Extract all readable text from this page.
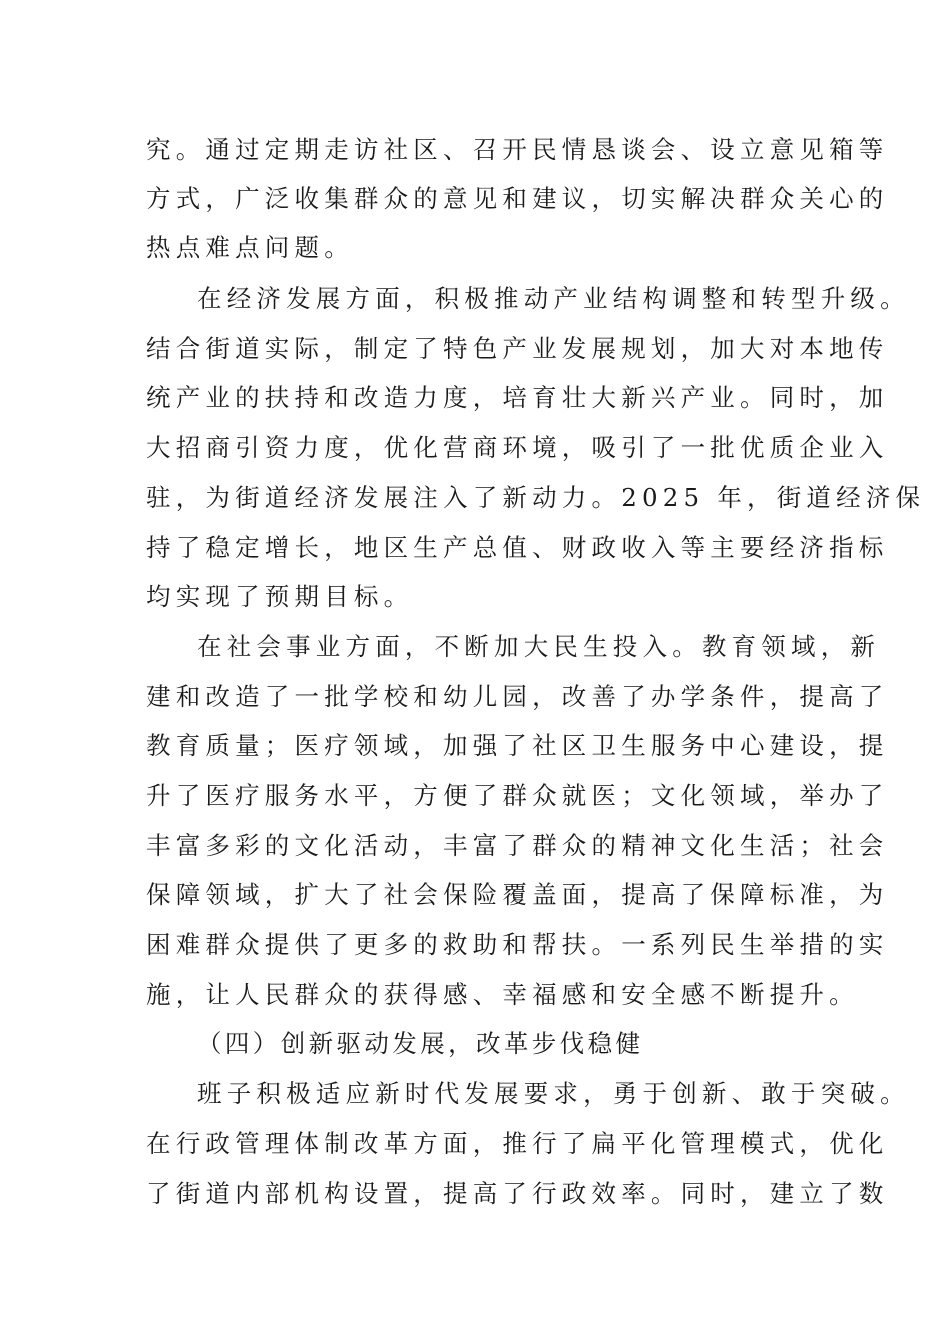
究。通过定期走访社区、召开民情恳谈会、设立意见箱等
方式，广泛收集群众的意见和建议，切实解决群众关心的
热点难点问题。
在经济发展方面，积极推动产业结构调整和转型升级。
结合街道实际，制定了特色产业发展规划，加大对本地传
统产业的扶持和改造力度，培育壮大新兴产业。同时，加
大招商引资力度，优化营商环境，吸引了一批优质企业入
驻，为街道经济发展注入了新动力。2025 年，街道经济保
持了稳定增长，地区生产总值、财政收入等主要经济指标
均实现了预期目标。
在社会事业方面，不断加大民生投入。教育领域，新
建和改造了一批学校和幼儿园，改善了办学条件，提高了
教育质量；医疗领域，加强了社区卫生服务中心建设，提
升了医疗服务水平，方便了群众就医；文化领域，举办了
丰富多彩的文化活动，丰富了群众的精神文化生活；社会
保障领域，扩大了社会保险覆盖面，提高了保障标准，为
困难群众提供了更多的救助和帮扶。一系列民生举措的实
施，让人民群众的获得感、幸福感和安全感不断提升。
（四）创新驱动发展，改革步伐稳健
班子积极适应新时代发展要求，勇于创新、敢于突破。
在行政管理体制改革方面，推行了扁平化管理模式，优化
了街道内部机构设置，提高了行政效率。同时，建立了数
